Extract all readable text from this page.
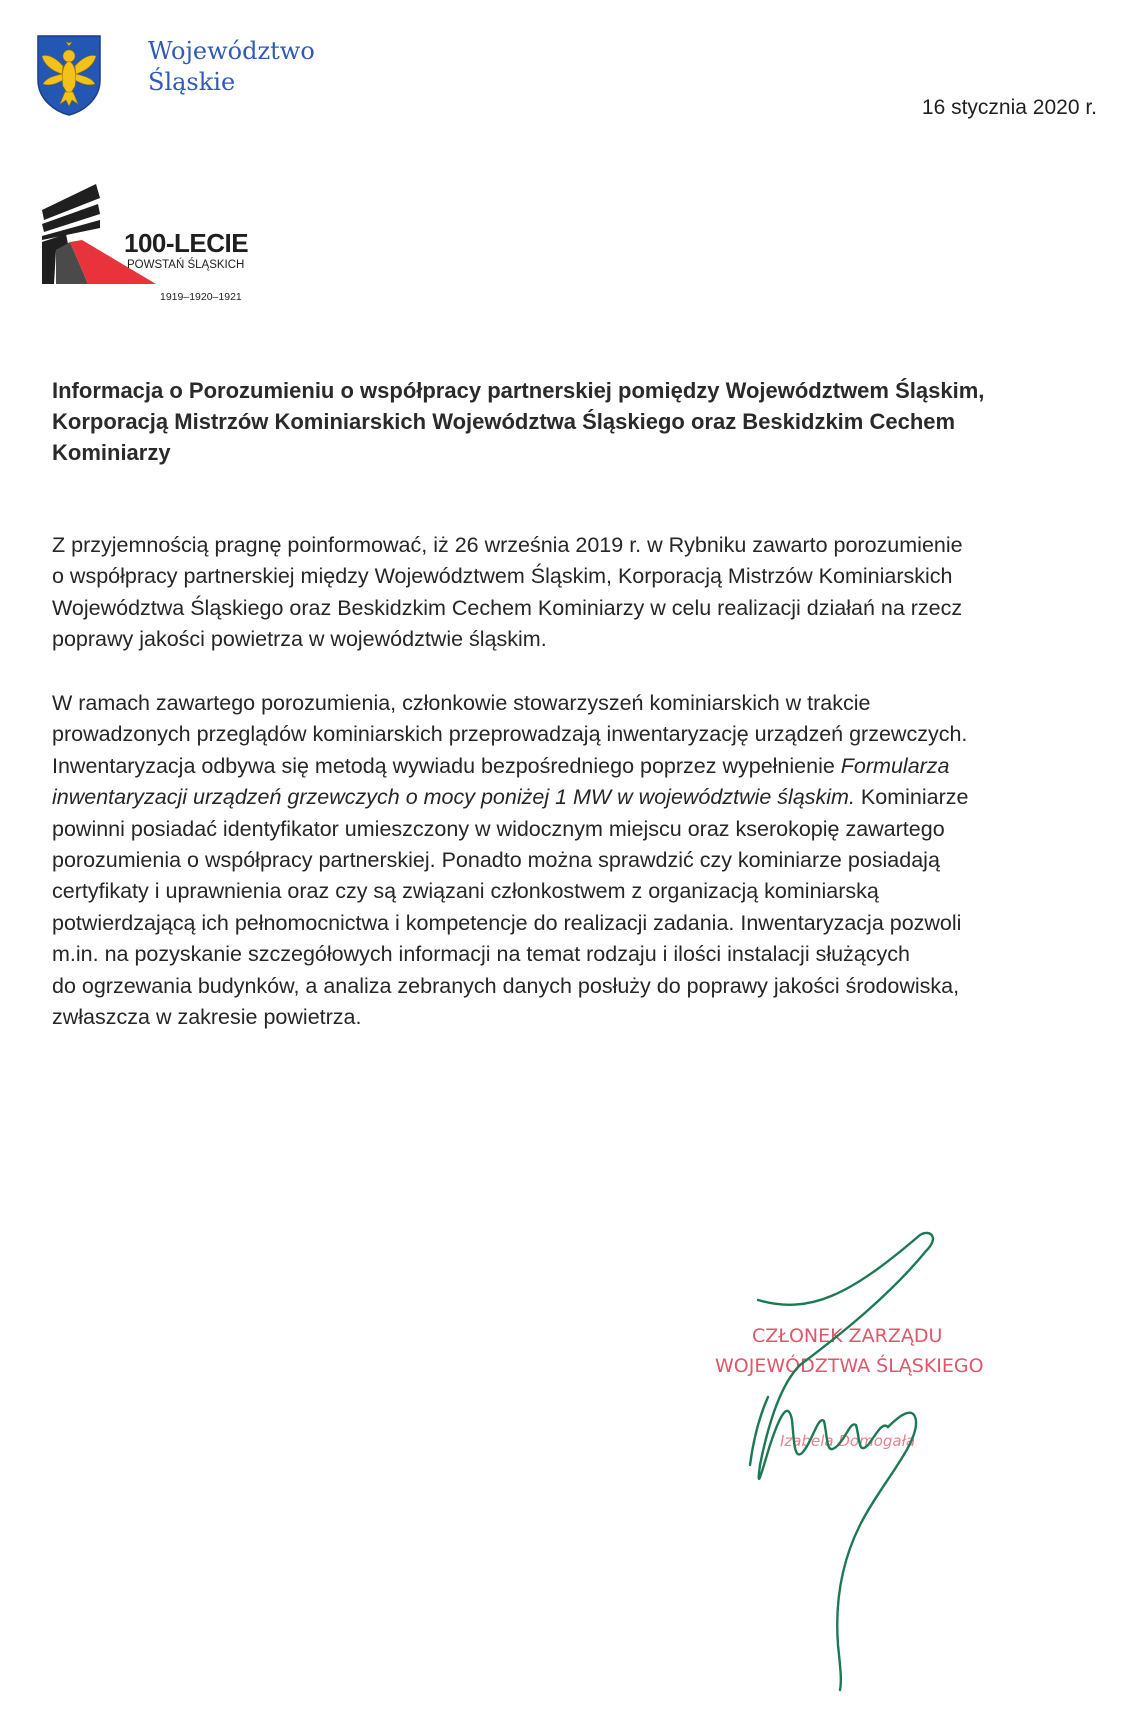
Województwo
Śląskie
16 stycznia 2020 r.
100-LECIE
POWSTAŃ ŚLĄSKICH
1919–1920–1921
Informacja o Porozumieniu o współpracy partnerskiej pomiędzy Województwem Śląskim,
Korporacją Mistrzów Kominiarskich Województwa Śląskiego oraz Beskidzkim Cechem
Kominiarzy
Z przyjemnością pragnę poinformować, iż 26 września 2019 r. w Rybniku zawarto porozumienie
o współpracy partnerskiej między Województwem Śląskim, Korporacją Mistrzów Kominiarskich
Województwa Śląskiego oraz Beskidzkim Cechem Kominiarzy w celu realizacji działań na rzecz
poprawy jakości powietrza w województwie śląskim.
W ramach zawartego porozumienia, członkowie stowarzyszeń kominiarskich w trakcie
prowadzonych przeglądów kominiarskich przeprowadzają inwentaryzację urządzeń grzewczych.
Inwentaryzacja odbywa się metodą wywiadu bezpośredniego poprzez wypełnienie Formularza
inwentaryzacji urządzeń grzewczych o mocy poniżej 1 MW w województwie śląskim. Kominiarze
powinni posiadać identyfikator umieszczony w widocznym miejscu oraz kserokopię zawartego
porozumienia o współpracy partnerskiej. Ponadto można sprawdzić czy kominiarze posiadają
certyfikaty i uprawnienia oraz czy są związani członkostwem z organizacją kominiarską
potwierdzającą ich pełnomocnictwa i kompetencje do realizacji zadania. Inwentaryzacja pozwoli
m.in. na pozyskanie szczegółowych informacji na temat rodzaju i ilości instalacji służących
do ogrzewania budynków, a analiza zebranych danych posłuży do poprawy jakości środowiska,
zwłaszcza w zakresie powietrza.
CZŁONEK ZARZĄDU
WOJEWÓDZTWA ŚLĄSKIEGO
Izabela Domogała
